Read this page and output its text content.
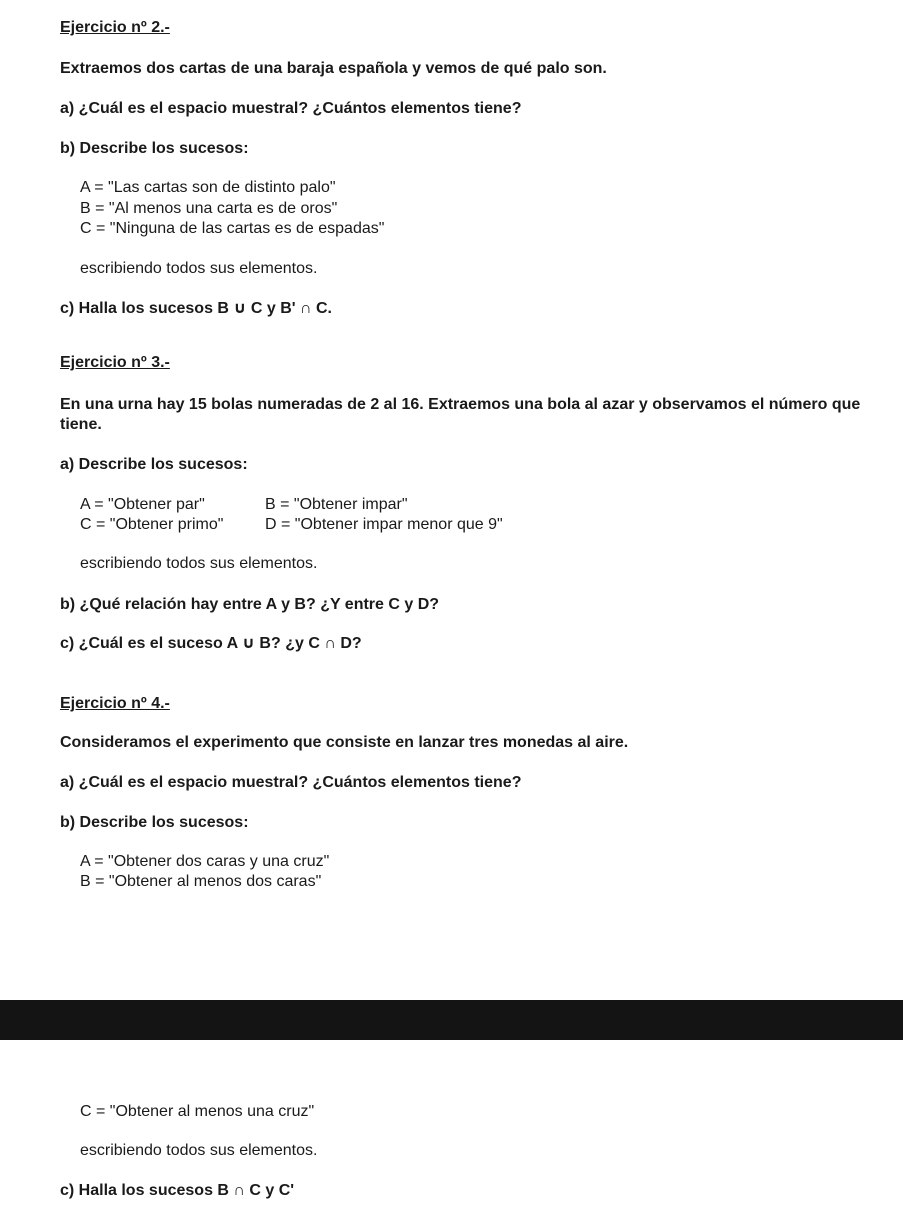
Ejercicio nº 2.-
Extraemos dos cartas de una baraja española y vemos de qué palo son.
a) ¿Cuál es el espacio muestral? ¿Cuántos elementos tiene?
b) Describe los sucesos:
A = "Las cartas son de distinto palo"
B = "Al menos una carta es de oros"
C = "Ninguna de las cartas es de espadas"
escribiendo todos sus elementos.
c) Halla los sucesos B ∪ C y B' ∩ C.
Ejercicio nº 3.-
En una urna hay 15 bolas numeradas de 2 al 16. Extraemos una bola al azar y observamos el número que
tiene.
a) Describe los sucesos:
A = "Obtener par"	B = "Obtener impar"
C = "Obtener primo"	D = "Obtener impar menor que 9"
escribiendo todos sus elementos.
b) ¿Qué relación hay entre A y B? ¿Y entre C y D?
c) ¿Cuál es el suceso A ∪ B? ¿y C ∩ D?
Ejercicio nº 4.-
Consideramos el experimento que consiste en lanzar tres monedas al aire.
a) ¿Cuál es el espacio muestral? ¿Cuántos elementos tiene?
b) Describe los sucesos:
A = "Obtener dos caras y una cruz"
B = "Obtener al menos dos caras"
C = "Obtener al menos una cruz"
escribiendo todos sus elementos.
c) Halla los sucesos B ∩ C y C'
